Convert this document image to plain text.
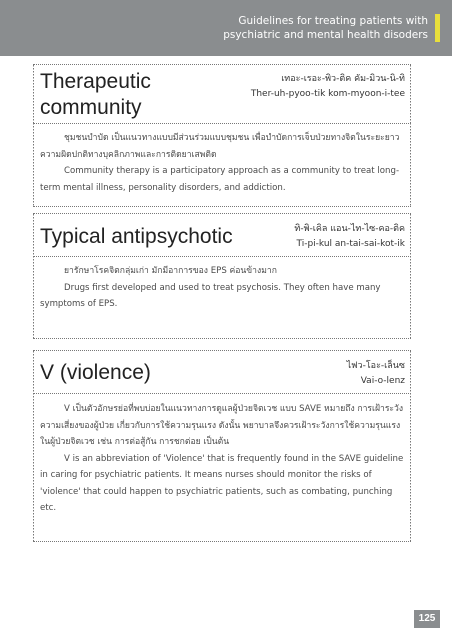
Guidelines for treating patients with
psychiatric and mental health disoders
Therapeutic community
เทอะ-เรอะ-พิว-ติค คัม-มิวน-นิ-ทิ
Ther-uh-pyoo-tik kom-myoon-i-tee

ชุมชนบำบัด เป็นแนวทางแบบมีส่วนร่วมแบบชุมชน เพื่อบำบัดการเจ็บป่วยทางจิตในระยะยาวความผิดปกติทางบุคลิกภาพและการติดยาเสพติด

Community therapy is a participatory approach as a community to treat long-term mental illness, personality disorders, and addiction.

Typical antipsychotic	ทิ-พิ-เคิล แอน-ไท-ไซ-คอ-ติค
Ti-pi-kul an-tai-sai-kot-ik

ยารักษาโรคจิตกลุ่มเก่า มักมีอาการของ EPS ค่อนข้างมาก

Drugs first developed and used to treat psychosis. They often have many symptoms of EPS.

V (violence)	ไฟว-โอะ-เล็นซ
Vai-o-lenz

V เป็นตัวอักษรย่อที่พบบ่อยในแนวทางการดูแลผู้ป่วยจิตเวช แบบ SAVE หมายถึง การเฝ้าระวังความเสี่ยงของผู้ป่วย เกี่ยวกับการใช้ความรุนแรง ดังนั้น พยาบาลจึงควรเฝ้าระวังการใช้ความรุนแรงในผู้ป่วยจิตเวช เช่น การต่อสู้กัน การชกต่อย เป็นต้น

V is an abbreviation of 'Violence' that is frequently found in the SAVE guideline in caring for psychiatric patients. It means nurses should monitor the risks of 'violence' that could happen to psychiatric patients, such as combating, punching etc.

125
